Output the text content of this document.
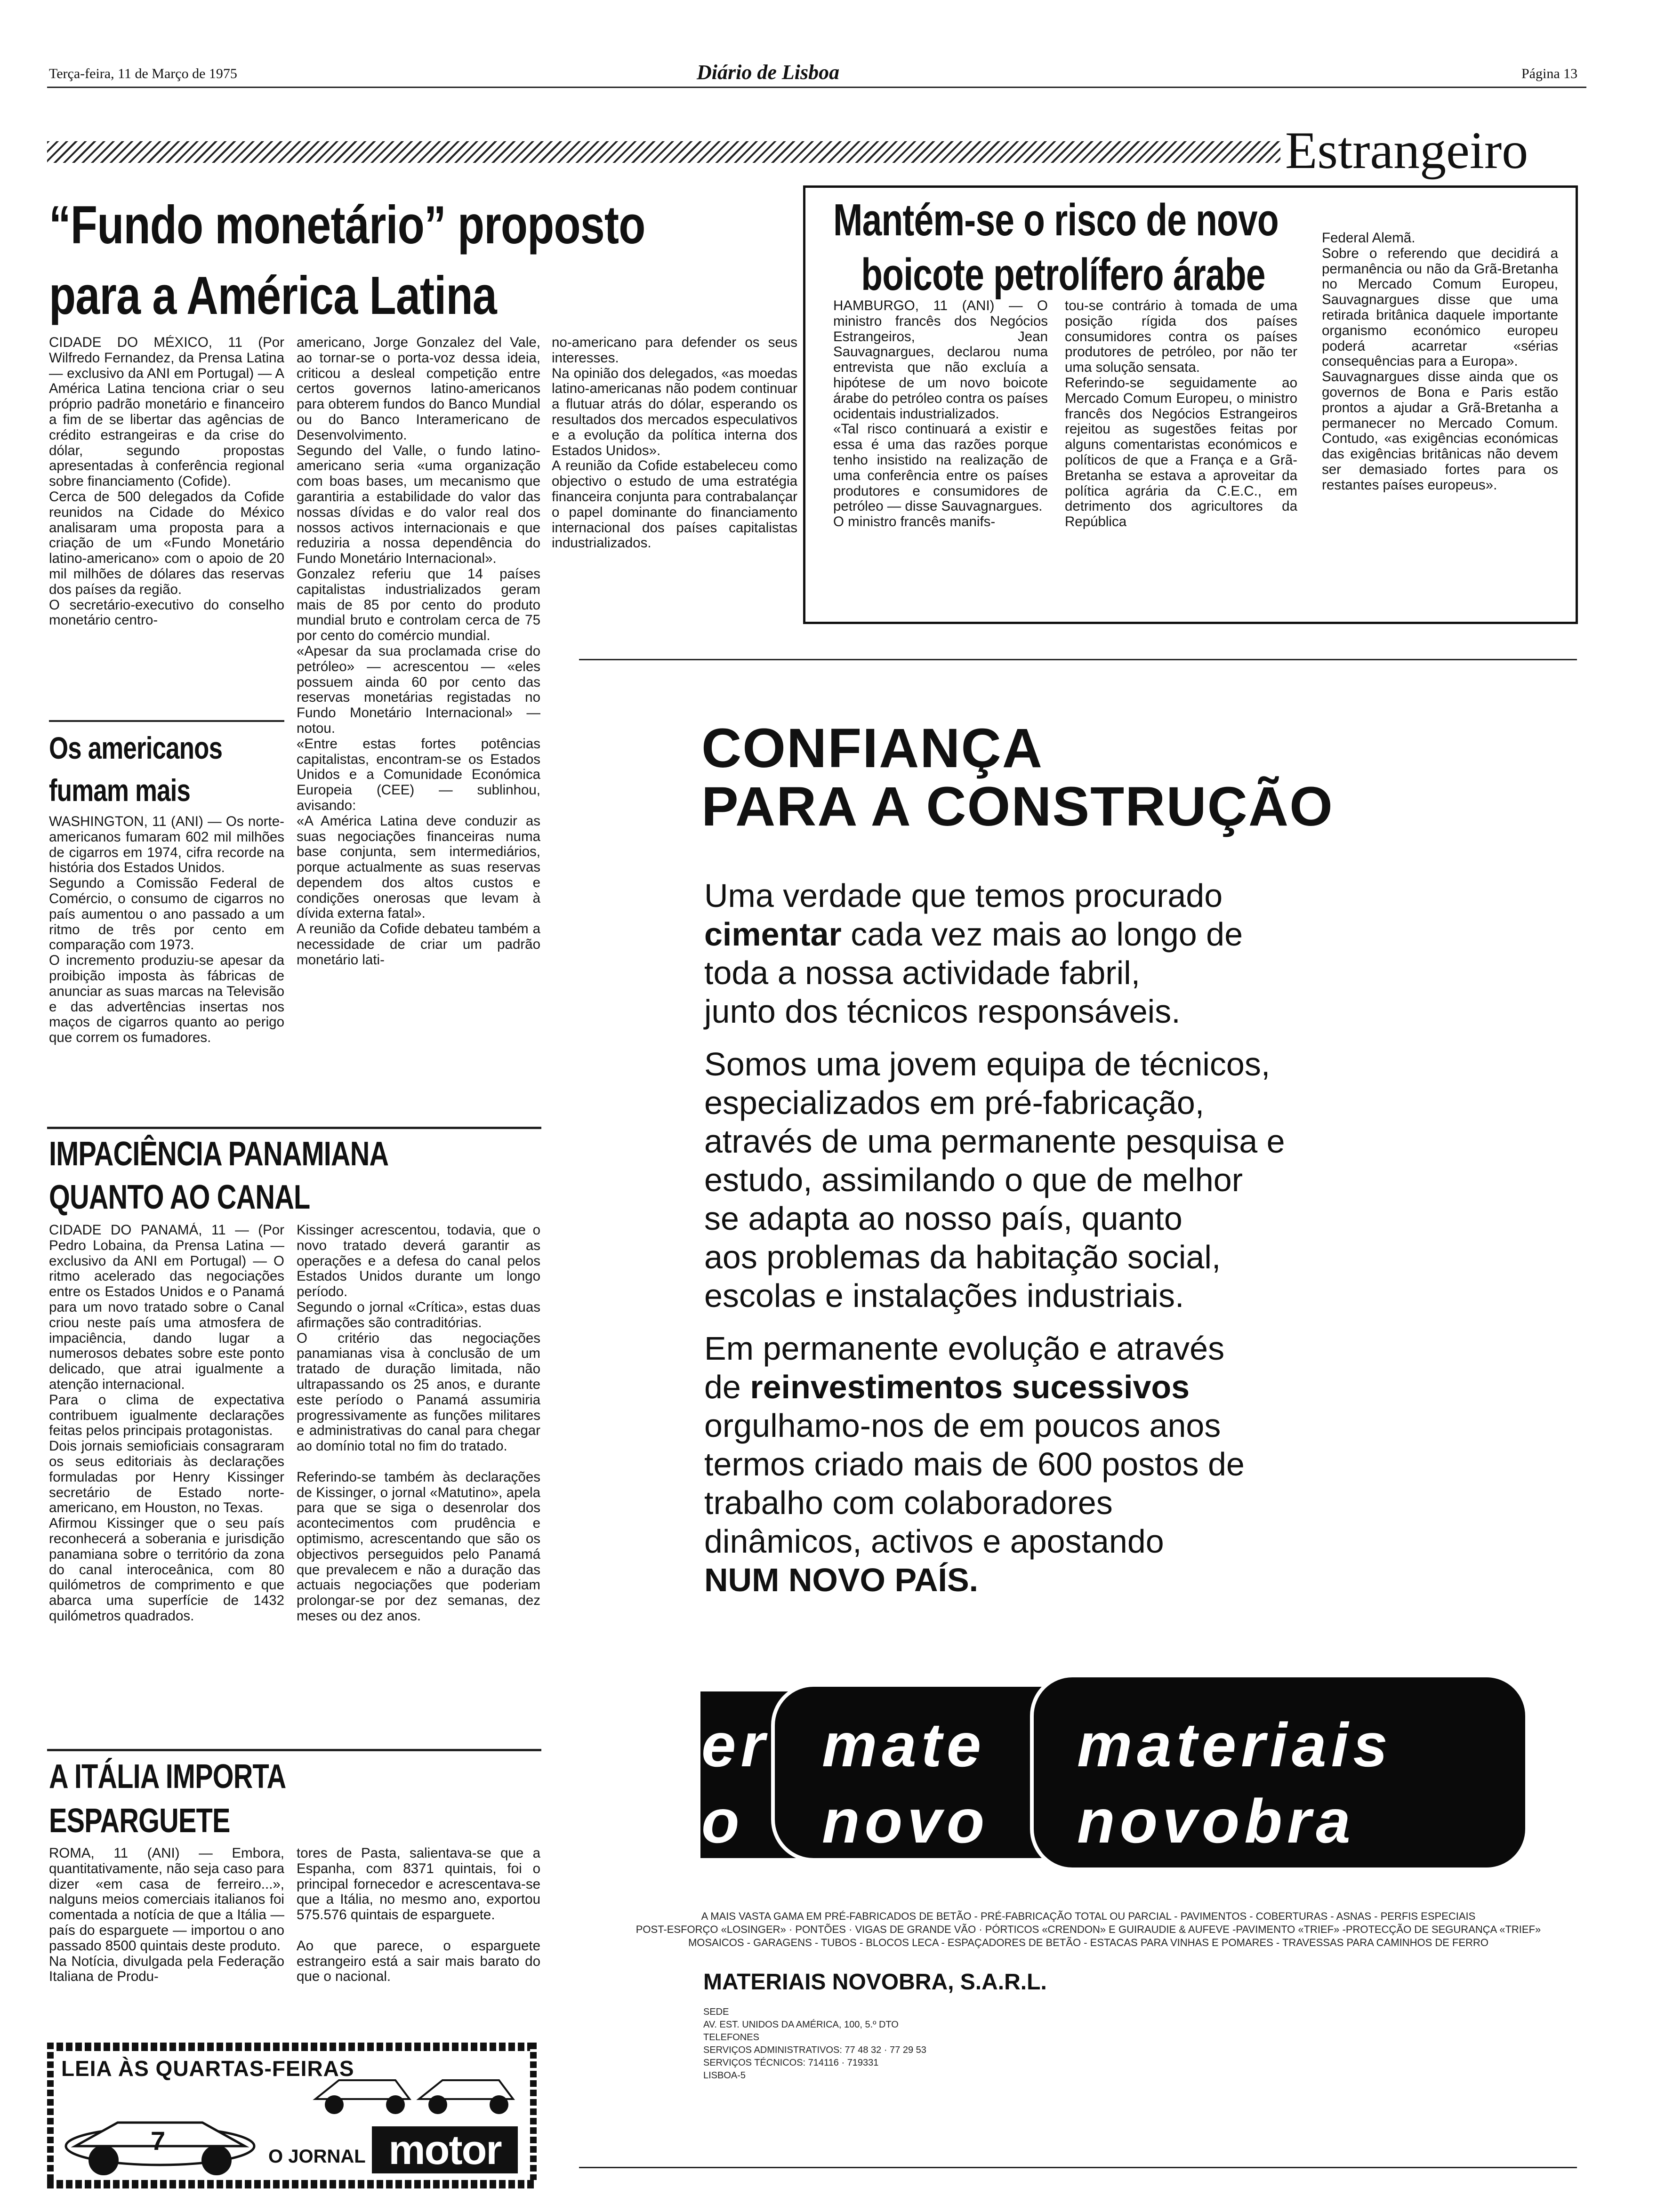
Terça-feira, 11 de Março de 1975	Diário de Lisboa	Página 13
Estrangeiro
“Fundo monetário” proposto
para a América Latina
CIDADE DO MÉXICO, 11 (Por Wilfredo Fernandez, da Prensa Latina — exclusivo da ANI em Portugal) — A América Latina tenciona criar o seu próprio padrão monetário e financeiro a fim de se libertar das agências de crédito estrangeiras e da crise do dólar, segundo propostas apresentadas à conferência regional sobre financiamento (Cofide).
Cerca de 500 delegados da Cofide reunidos na Cidade do México analisaram uma proposta para a criação de um «Fundo Monetário latino-americano» com o apoio de 20 mil milhões de dólares das reservas dos países da região.
O secretário-executivo do conselho monetário centro-
americano, Jorge Gonzalez del Vale, ao tornar-se o porta-voz dessa ideia, criticou a desleal competição entre certos governos latino-americanos para obterem fundos do Banco Mundial ou do Banco Interamericano de Desenvolvimento.
Segundo del Valle, o fundo latino-americano seria «uma organização com boas bases, um mecanismo que garantiria a estabilidade do valor das nossas dívidas e do valor real dos nossos activos internacionais e que reduziria a nossa dependência do Fundo Monetário Internacional».
Gonzalez referiu que 14 países capitalistas industrializados geram mais de 85 por cento do produto mundial bruto e controlam cerca de 75 por cento do comércio mundial.
«Apesar da sua proclamada crise do petróleo» — acrescentou — «eles possuem ainda 60 por cento das reservas monetárias registadas no Fundo Monetário Internacional» — notou.
«Entre estas fortes potências capitalistas, encontram-se os Estados Unidos e a Comunidade Económica Europeia (CEE) — sublinhou, avisando:
«A América Latina deve conduzir as suas negociações financeiras numa base conjunta, sem intermediários, porque actualmente as suas reservas dependem dos altos custos e condições onerosas que levam à dívida externa fatal».
A reunião da Cofide debateu também a necessidade de criar um padrão monetário lati-
no-americano para defender os seus interesses.
Na opinião dos delegados, «as moedas latino-americanas não podem continuar a flutuar atrás do dólar, esperando os resultados dos mercados especulativos e a evolução da política interna dos Estados Unidos».
A reunião da Cofide estabeleceu como objectivo o estudo de uma estratégia financeira conjunta para contrabalançar o papel dominante do financiamento internacional dos países capitalistas industrializados.
Os americanos
fumam mais
WASHINGTON, 11 (ANI) — Os norte-americanos fumaram 602 mil milhões de cigarros em 1974, cifra recorde na história dos Estados Unidos.
Segundo a Comissão Federal de Comércio, o consumo de cigarros no país aumentou o ano passado a um ritmo de três por cento em comparação com 1973.
O incremento produziu-se apesar da proibição imposta às fábricas de anunciar as suas marcas na Televisão e das advertências insertas nos maços de cigarros quanto ao perigo que correm os fumadores.
IMPACIÊNCIA PANAMIANA
QUANTO AO CANAL
CIDADE DO PANAMÁ, 11 — (Por Pedro Lobaina, da Prensa Latina — exclusivo da ANI em Portugal) — O ritmo acelerado das negociações entre os Estados Unidos e o Panamá para um novo tratado sobre o Canal criou neste país uma atmosfera de impaciência, dando lugar a numerosos debates sobre este ponto delicado, que atrai igualmente a atenção internacional.
Para o clima de expectativa contribuem igualmente declarações feitas pelos principais protagonistas.
Dois jornais semioficiais consagraram os seus editoriais às declarações formuladas por Henry Kissinger secretário de Estado norte-americano, em Houston, no Texas.
Afirmou Kissinger que o seu país reconhecerá a soberania e jurisdição panamiana sobre o território da zona do canal interoceânica, com 80 quilómetros de comprimento e que abarca uma superfície de 1432 quilómetros quadrados.
Kissinger acrescentou, todavia, que o novo tratado deverá garantir as operações e a defesa do canal pelos Estados Unidos durante um longo período.
Segundo o jornal «Crítica», estas duas afirmações são contraditórias.
O critério das negociações panamianas visa à conclusão de um tratado de duração limitada, não ultrapassando os 25 anos, e durante este período o Panamá assumiria progressivamente as funções militares e administrativas do canal para chegar ao domínio total no fim do tratado.

Referindo-se também às declarações de Kissinger, o jornal «Matutino», apela para que se siga o desenrolar dos acontecimentos com prudência e optimismo, acrescentando que são os objectivos perseguidos pelo Panamá que prevalecem e não a duração das actuais negociações que poderiam prolongar-se por dez semanas, dez meses ou dez anos.
A ITÁLIA IMPORTA
ESPARGUETE
ROMA, 11 (ANI) — Embora, quantitativamente, não seja caso para dizer «em casa de ferreiro...», nalguns meios comerciais italianos foi comentada a notícia de que a Itália — país do esparguete — importou o ano passado 8500 quintais deste produto.
Na Notícia, divulgada pela Federação Italiana de Produ-
tores de Pasta, salientava-se que a Espanha, com 8371 quintais, foi o principal fornecedor e acrescentava-se que a Itália, no mesmo ano, exportou 575.576 quintais de esparguete.

Ao que parece, o esparguete estrangeiro está a sair mais barato do que o nacional.
LEIA ÀS QUARTAS-FEIRAS
7
O JORNAL motor
Mantém-se o risco de novo
boicote petrolífero árabe
HAMBURGO, 11 (ANI) — O ministro francês dos Negócios Estrangeiros, Jean Sauvagnargues, declarou numa entrevista que não excluía a hipótese de um novo boicote árabe do petróleo contra os países ocidentais industrializados.
«Tal risco continuará a existir e essa é uma das razões porque tenho insistido na realização de uma conferência entre os países produtores e consumidores de petróleo — disse Sauvagnargues.
O ministro francês manifs-
tou-se contrário à tomada de uma posição rígida dos países consumidores contra os países produtores de petróleo, por não ter uma solução sensata.
Referindo-se seguidamente ao Mercado Comum Europeu, o ministro francês dos Negócios Estrangeiros rejeitou as sugestões feitas por alguns comentaristas económicos e políticos de que a França e a Grã-Bretanha se estava a aproveitar da política agrária da C.E.C., em detrimento dos agricultores da República
Federal Alemã.
Sobre o referendo que decidirá a permanência ou não da Grã-Bretanha no Mercado Comum Europeu, Sauvagnargues disse que uma retirada britânica daquele importante organismo económico europeu poderá acarretar «sérias consequências para a Europa».
Sauvagnargues disse ainda que os governos de Bona e Paris estão prontos a ajudar a Grã-Bretanha a permanecer no Mercado Comum. Contudo, «as exigências económicas das exigências britânicas não devem ser demasiado fortes para os restantes países europeus».
CONFIANÇA
PARA A CONSTRUÇÃO
Uma verdade que temos procurado
cimentar cada vez mais ao longo de
toda a nossa actividade fabril,
junto dos técnicos responsáveis.
Somos uma jovem equipa de técnicos,
especializados em pré-fabricação,
através de uma permanente pesquisa e
estudo, assimilando o que de melhor
se adapta ao nosso país, quanto
aos problemas da habitação social,
escolas e instalações industriais.
Em permanente evolução e através
de reinvestimentos sucessivos
orgulhamo-nos de em poucos anos
termos criado mais de 600 postos de
trabalho com colaboradores
dinâmicos, activos e apostando
NUM NOVO PAÍS.
er
o
mate
novo
materiais
novobra
A MAIS VASTA GAMA EM PRÉ-FABRICADOS DE BETÃO - PRÉ-FABRICAÇÃO TOTAL OU PARCIAL - PAVIMENTOS - COBERTURAS - ASNAS - PERFIS ESPECIAIS
POST-ESFORÇO «LOSINGER» · PONTÕES · VIGAS DE GRANDE VÃO · PÓRTICOS «CRENDON» E GUIRAUDIE & AUFEVE -PAVIMENTO «TRIEF» -PROTECÇÃO DE SEGURANÇA «TRIEF»
MOSAICOS - GARAGENS - TUBOS - BLOCOS LECA - ESPAÇADORES DE BETÃO - ESTACAS PARA VINHAS E POMARES - TRAVESSAS PARA CAMINHOS DE FERRO
MATERIAIS NOVOBRA, S.A.R.L.
SEDE
AV. EST. UNIDOS DA AMÉRICA, 100, 5.º DTO
TELEFONES
SERVIÇOS ADMINISTRATIVOS: 77 48 32 · 77 29 53
SERVIÇOS TÉCNICOS: 714116 · 719331
LISBOA-5
